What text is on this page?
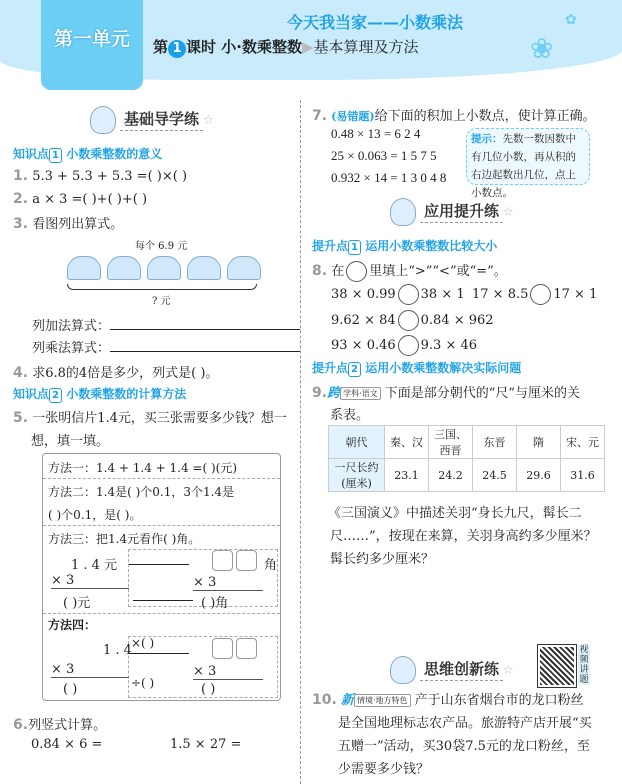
第一单元
今天我当家——小数乘法
第 1 课时 小·数乘整数▶基本算理及方法
✿
❀
基础导学练 ☆
知识点 1 小数乘整数的意义
1. 5.3 + 5.3 + 5.3 =( )×( )
2. a × 3 =( )+( )+( )
3. 看图列出算式。
每个 6.9 元
? 元
列加法算式：
列乘法算式：
4. 求6.8的4倍是多少，列式是( )。
知识点 2 小数乘整数的计算方法
5. 一张明信片1.4元，买三张需要多少钱？想一
想，填一填。
方法一：1.4 + 1.4 + 1.4 =( )(元)
方法二：1.4是( )个0.1，3个1.4是
( )个0.1，是( )。
方法三：把1.4元看作( )角。
1 . 4 元	角
× 3	× 3
( )元	( )角
方法四：
1 . 4 ×( )
× 3	× 3
÷( )
( )	( )
6.列竖式计算。
0.84 × 6 =	1.5 × 27 =
7. (易错题)给下面的积加上小数点，使计算正确。
0.48 × 13 = 6 2 4
25 × 0.063 = 1 5 7 5
0.932 × 14 = 1 3 0 4 8
提示：先数一数因数中有几位小数，再从积的右边起数出几位，点上小数点。
应用提升练 ☆
提升点 1 运用小数乘整数比较大小
8. 在 里填上“>”“<”或“=”。
38 × 0.99 38 × 1 17 × 8.5 17 × 1
9.62 × 84 0.84 × 962
93 × 0.46 9.3 × 46
提升点 2 运用小数乘整数解决实际问题
9.跨 学科·语文 下面是部分朝代的“尺”与厘米的关
系表。
朝代	秦、汉	三国、西晋	东晋	隋	宋、元

一尺长约
(厘米)	23.1	24.2	24.5	29.6	31.6
《三国演义》中描述关羽“身长九尺，髯长二
尺……”，按现在来算，关羽身高约多少厘米？
髯长约多少厘米？
思维创新练 ☆
视频讲题
10. 新 情境·地方特色 产于山东省烟台市的龙口粉丝
是全国地理标志农产品。旅游特产店开展“买
五赠一”活动，买30袋7.5元的龙口粉丝，至
少需要多少钱？
